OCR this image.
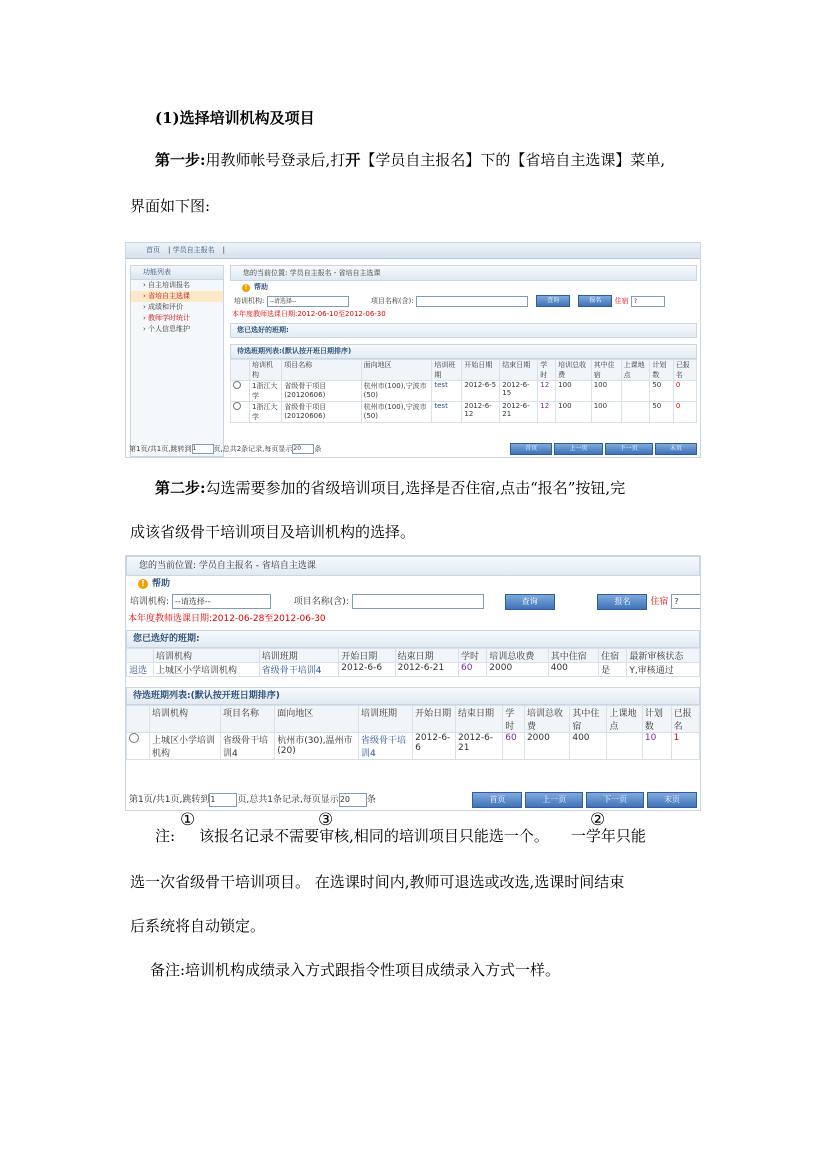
(1)选择培训机构及项目
第一步:用教师帐号登录后,打开【学员自主报名】下的【省培自主选课】菜单,
界面如下图:
首页 | 学员自主报名 |
功能列表
› 自主培训报名
› 省培自主选课
› 成绩和评价
› 教师学时统计
› 个人信息维护
您的当前位置: 学员自主报名 - 省培自主选课
! 帮助
培训机构: --请选择--	项目名称(含):	查询	报名 住宿 ?
本年度教师选课日期:2012-06-10至2012-06-30
您已选好的班期:
待选班期列表:(默认按开班日期排序)
	培训机构	项目名称	面向地区	培训班期	开始日期	结束日期	学时	培训总收费	其中住宿	上课地点	计划数	已报名
	1浙江大学	省级骨干项目(20120606)	杭州市(100),宁波市(50)	test	2012-6-5	2012-6-15	12	100	100		50	0
	1浙江大学	省级骨干项目(20120606)	杭州市(100),宁波市(50)	test	2012-6-12	2012-6-21	12	100	100		50	0
第1页/共1页,跳转到1 页,总共2条记录,每页显示20 条	首页	上一页	下一页	末页
第二步:勾选需要参加的省级培训项目,选择是否住宿,点击“报名”按钮,完
成该省级骨干培训项目及培训机构的选择。
您的当前位置: 学员自主报名 - 省培自主选课
! 帮助
培训机构: --请选择--	项目名称(含):	查询	报名 住宿 ?
本年度教师选课日期:2012-06-28至2012-06-30
您已选好的班期:
	培训机构	培训班期	开始日期	结束日期	学时	培训总收费	其中住宿	住宿	最新审核状态
退选	上城区小学培训机构	省级骨干培训4	2012-6-6	2012-6-21	60	2000	400	是	Y,审核通过
待选班期列表:(默认按开班日期排序)
	培训机构	项目名称	面向地区	培训班期	开始日期	结束日期	学时	培训总收费	其中住宿	上课地点	计划数	已报名
	上城区小学培训机构	省级骨干培训4	杭州市(30),温州市(20)	省级骨干培训4	2012-6-6	2012-6-21	60	2000	400		10	1
第1页/共1页,跳转到1 页,总共1条记录,每页显示20 条	首页	上一页	下一页	末页
注: 该报名记录不需要审核,相同的培训项目只能选一个。 一学年只能
①	③	②
选一次省级骨干培训项目。 在选课时间内,教师可退选或改选,选课时间结束
后系统将自动锁定。
备注:培训机构成绩录入方式跟指令性项目成绩录入方式一样。
